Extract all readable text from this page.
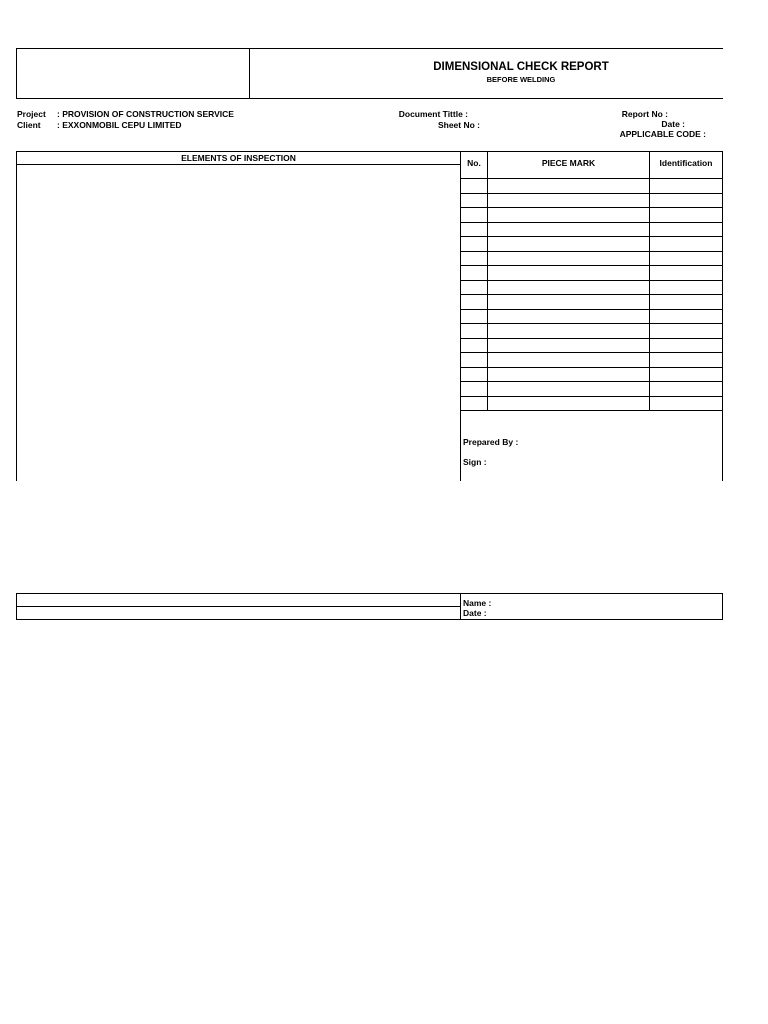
DIMENSIONAL CHECK REPORT
BEFORE WELDING
Project : PROVISION OF CONSTRUCTION SERVICE
Client : EXXONMOBIL CEPU LIMITED
Document Tittle :
Sheet No :
Report No :
Date :
APPLICABLE CODE :
ELEMENTS OF INSPECTION	No.	PIECE MARK	Identification
Prepared By :
Sign :
Name :
Date :
